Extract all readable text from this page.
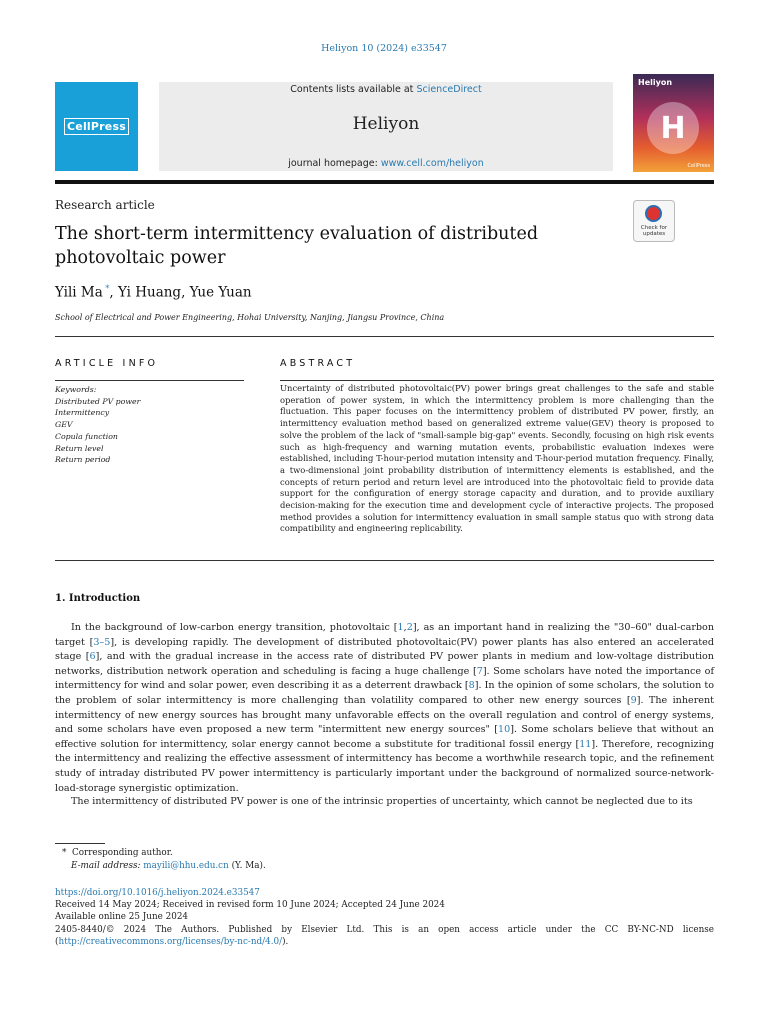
Heliyon 10 (2024) e33547
CellPress
Contents lists available at ScienceDirect
Heliyon
journal homepage: www.cell.com/heliyon
Heliyon
H
CellPress
Research article
Check for
updates
The short-term intermittency evaluation of distributed
photovoltaic power
Yili Ma *, Yi Huang, Yue Yuan
School of Electrical and Power Engineering, Hohai University, Nanjing, Jiangsu Province, China
ARTICLE INFO	ABSTRACT
Keywords:
Distributed PV power
Intermittency
GEV
Copula function
Return level
Return period
Uncertainty of distributed photovoltaic(PV) power brings great challenges to the safe and stable operation of power system, in which the intermittency problem is more challenging than the fluctuation. This paper focuses on the intermittency problem of distributed PV power, firstly, an intermittency evaluation method based on generalized extreme value(GEV) theory is proposed to solve the problem of the lack of "small-sample big-gap" events. Secondly, focusing on high risk events such as high-frequency and warning mutation events, probabilistic evaluation indexes were established, including T-hour-period mutation intensity and T-hour-period mutation frequency. Finally, a two-dimensional joint probability distribution of intermittency elements is established, and the concepts of return period and return level are introduced into the photovoltaic field to provide data support for the configuration of energy storage capacity and duration, and to provide auxiliary decision-making for the execution time and development cycle of interactive projects. The proposed method provides a solution for intermittency evaluation in small sample status quo with strong data compatibility and engineering replicability.
1. Introduction
In the background of low-carbon energy transition, photovoltaic [1,2], as an important hand in realizing the "30–60" dual-carbon target [3–5], is developing rapidly. The development of distributed photovoltaic(PV) power plants has also entered an accelerated stage [6], and with the gradual increase in the access rate of distributed PV power plants in medium and low-voltage distribution networks, distribution network operation and scheduling is facing a huge challenge [7]. Some scholars have noted the importance of intermittency for wind and solar power, even describing it as a deterrent drawback [8]. In the opinion of some scholars, the solution to the problem of solar intermittency is more challenging than volatility compared to other new energy sources [9]. The inherent intermittency of new energy sources has brought many unfavorable effects on the overall regulation and control of energy systems, and some scholars have even proposed a new term "intermittent new energy sources" [10]. Some scholars believe that without an effective solution for intermittency, solar energy cannot become a substitute for traditional fossil energy [11]. Therefore, recognizing the intermittency and realizing the effective assessment of intermittency has become a worthwhile research topic, and the refinement study of intraday distributed PV power intermittency is particularly important under the background of normalized source-network-load-storage synergistic optimization.
The intermittency of distributed PV power is one of the intrinsic properties of uncertainty, which cannot be neglected due to its
* Corresponding author.
E-mail address: mayili@hhu.edu.cn (Y. Ma).
https://doi.org/10.1016/j.heliyon.2024.e33547
Received 14 May 2024; Received in revised form 10 June 2024; Accepted 24 June 2024
Available online 25 June 2024
2405-8440/© 2024 The Authors. Published by Elsevier Ltd. This is an open access article under the CC BY-NC-ND license
(http://creativecommons.org/licenses/by-nc-nd/4.0/).
